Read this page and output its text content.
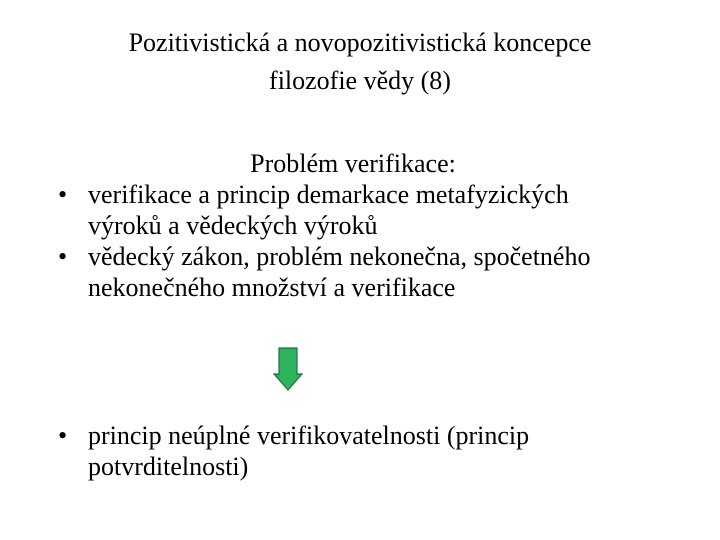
Pozitivistická a novopozitivistická koncepce
filozofie vědy (8)
Problém verifikace:
• verifikace a princip demarkace metafyzických
výroků a vědeckých výroků
• vědecký zákon, problém nekonečna, spočetného
nekonečného množství a verifikace
• princip neúplné verifikovatelnosti (princip
potvrditelnosti)
